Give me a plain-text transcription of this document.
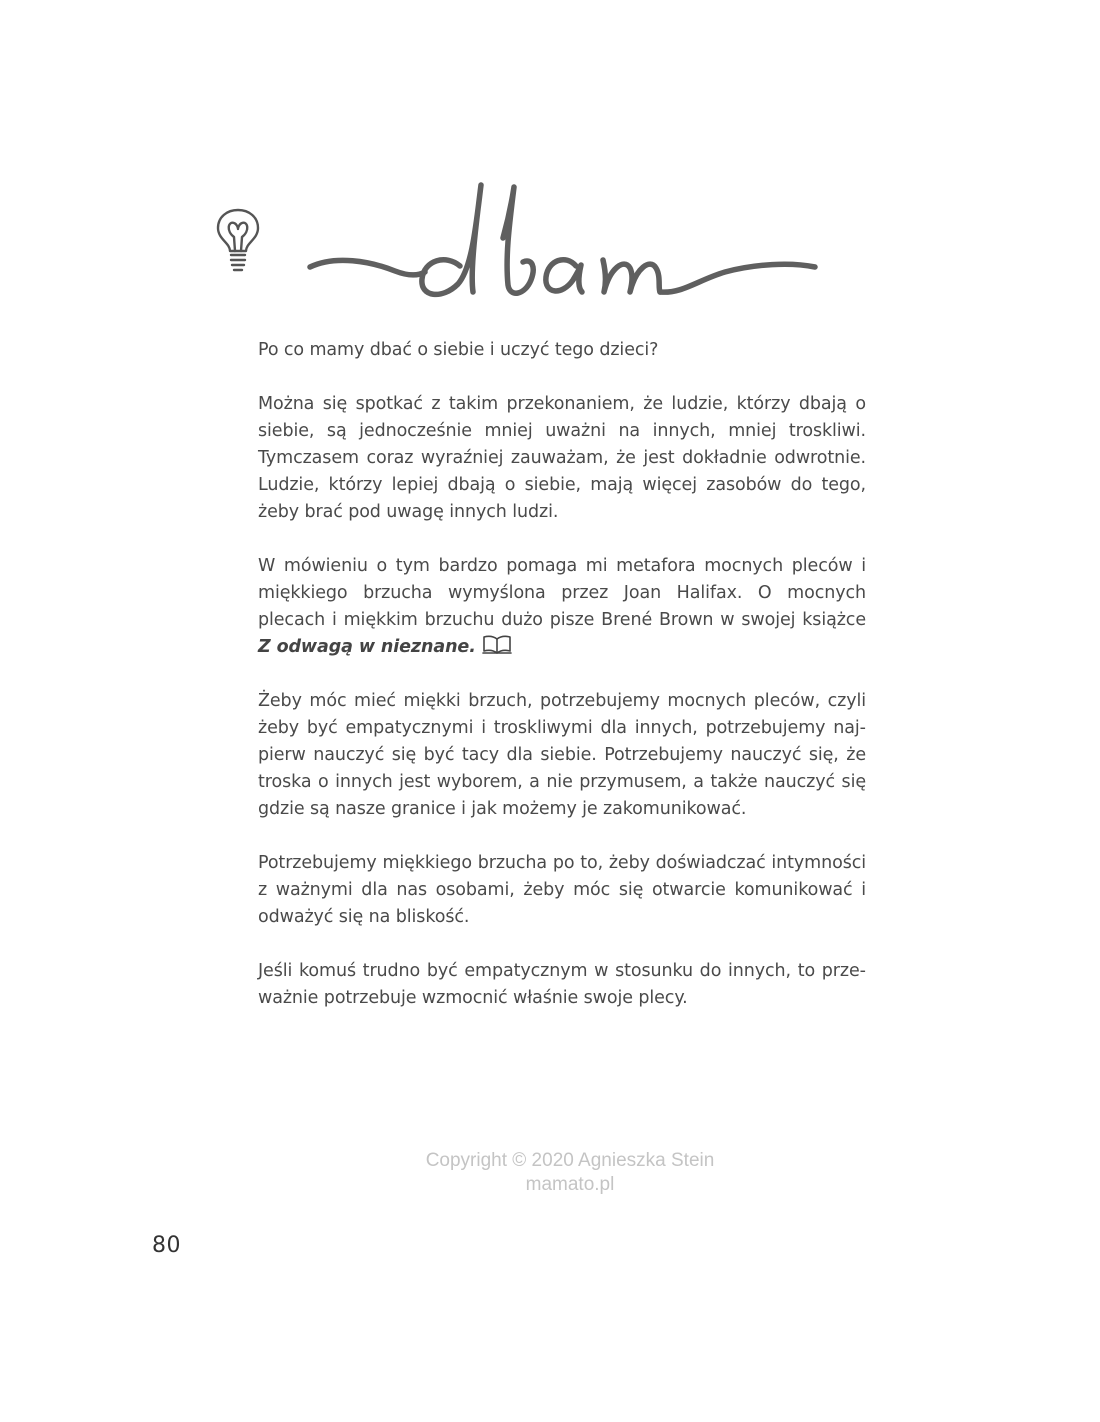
Po co mamy dbać o siebie i uczyć tego dzieci?

Można się spotkać z takim przekonaniem, że ludzie, którzy dbają o siebie, są jednocześnie mniej uważni na innych, mniej troskliwi. Tymczasem coraz wyraźniej zauważam, że jest dokładnie odwrotnie. Ludzie, którzy lepiej dbają o siebie, mają więcej zasobów do tego, żeby brać pod uwagę innych ludzi.

W mówieniu o tym bardzo pomaga mi metafora mocnych pleców i miękkiego brzucha wymyślona przez Joan Halifax. O mocnych plecach i miękkim brzuchu dużo pisze Brené Brown w swojej książce Z odwagą w nieznane.

Żeby móc mieć miękki brzuch, potrzebujemy mocnych pleców, czyli żeby być empatycznymi i troskliwymi dla innych, potrzebujemy najpierw nauczyć się być tacy dla siebie. Potrzebujemy nauczyć się, że troska o innych jest wyborem, a nie przymusem, a także nauczyć się gdzie są nasze granice i jak możemy je zakomunikować.

Potrzebujemy miękkiego brzucha po to, żeby doświadczać intymności z ważnymi dla nas osobami, żeby móc się otwarcie komunikować i odważyć się na bliskość.

Jeśli komuś trudno być empatycznym w stosunku do innych, to przeważnie potrzebuje wzmocnić właśnie swoje plecy.

Copyright © 2020 Agnieszka Stein
mamato.pl
80
